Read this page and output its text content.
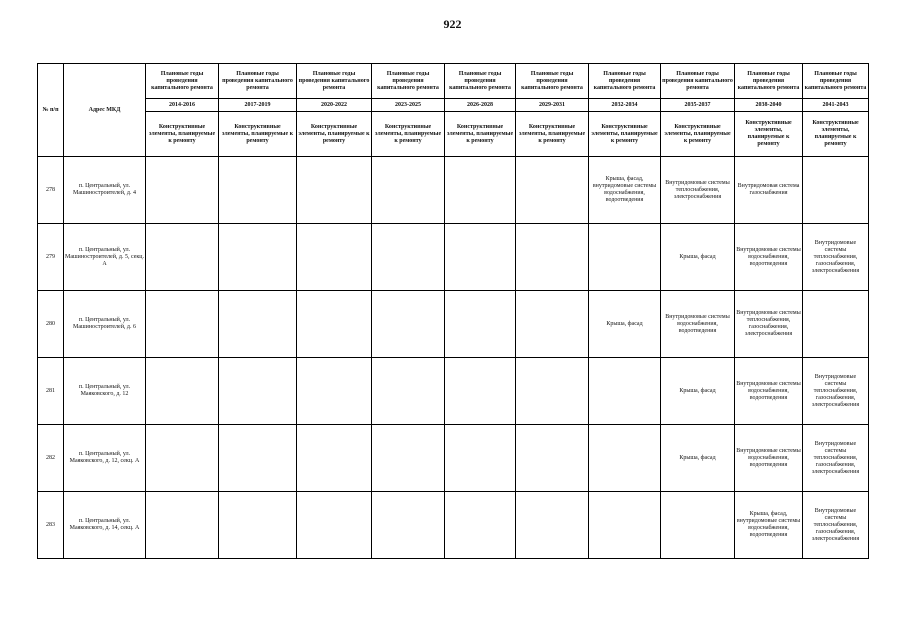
922
№ п/п	Адрес МКД	Плановые годы проведения капитального ремонта	Плановые годы проведения капитального ремонта	Плановые годы проведения капитального ремонта	Плановые годы проведения капитального ремонта	Плановые годы проведения капитального ремонта	Плановые годы проведения капитального ремонта	Плановые годы проведения капитального ремонта	Плановые годы проведения капитального ремонта	Плановые годы проведения капитального ремонта	Плановые годы проведения капитального ремонта
		2014-2016	2017-2019	2020-2022	2023-2025	2026-2028	2029-2031	2032-2034	2035-2037	2038-2040	2041-2043
		Конструктивные элементы, планируемые к ремонту	Конструктивные элементы, планируемые к ремонту	Конструктивные элементы, планируемые к ремонту	Конструктивные элементы, планируемые к ремонту	Конструктивные элементы, планируемые к ремонту	Конструктивные элементы, планируемые к ремонту	Конструктивные элементы, планируемые к ремонту	Конструктивные элементы, планируемые к ремонту	Конструктивные элементы, планируемые к ремонту	Конструктивные элементы, планируемые к ремонту
278	п. Центральный, ул. Машиностроителей, д. 4							Крыша, фасад, внутридомовые системы водоснабжения, водоотведения	Внутридомовые системы теплоснабжения, электроснабжения	Внутридомовая система газоснабжения	
279	п. Центральный, ул. Машиностроителей, д. 5, секц. А								Крыша, фасад	Внутридомовые системы водоснабжения, водоотведения	Внутридомовые системы теплоснабжения, газоснабжения, электроснабжения
280	п. Центральный, ул. Машиностроителей, д. 6							Крыша, фасад	Внутридомовые системы водоснабжения, водоотведения	Внутридомовые системы теплоснабжения, газоснабжения, электроснабжения	
281	п. Центральный, ул. Маяковского, д. 12								Крыша, фасад	Внутридомовые системы водоснабжения, водоотведения	Внутридомовые системы теплоснабжения, газоснабжения, электроснабжения
282	п. Центральный, ул. Маяковского, д. 12, секц. А								Крыша, фасад	Внутридомовые системы водоснабжения, водоотведения	Внутридомовые системы теплоснабжения, газоснабжения, электроснабжения
283	п. Центральный, ул. Маяковского, д. 14, секц. А									Крыша, фасад, внутридомовые системы водоснабжения, водоотведения	Внутридомовые системы теплоснабжения, газоснабжения, электроснабжения
